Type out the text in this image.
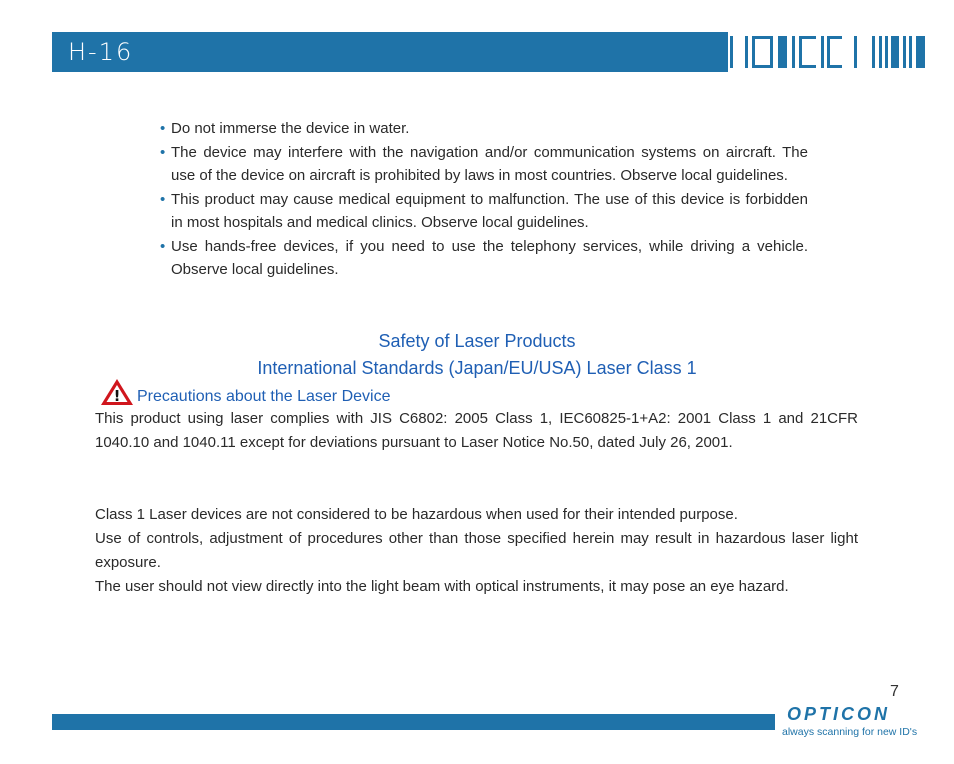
H-16

• Do not immerse the device in water.

• The device may interfere with the navigation and/or communication systems on aircraft. The use of the device on aircraft is prohibited by laws in most countries. Observe local guidelines.

• This product may cause medical equipment to malfunction. The use of this device is forbidden in most hospitals and medical clinics. Observe local guidelines.

• Use hands-free devices, if you need to use the telephony services, while driving a vehicle. Observe local guidelines.

Safety of Laser Products
International Standards (Japan/EU/USA) Laser Class 1
! Precautions about the Laser Device

This product using laser complies with JIS C6802: 2005 Class 1, IEC60825-1+A2: 2001 Class 1 and 21CFR 1040.10 and 1040.11 except for deviations pursuant to Laser Notice No.50, dated July 26, 2001.

Class 1 Laser devices are not considered to be hazardous when used for their intended purpose.

Use of controls, adjustment of procedures other than those specified herein may result in hazardous laser light exposure.

The user should not view directly into the light beam with optical instruments, it may pose an eye hazard.

7
OPTICON
always scanning for new ID's
